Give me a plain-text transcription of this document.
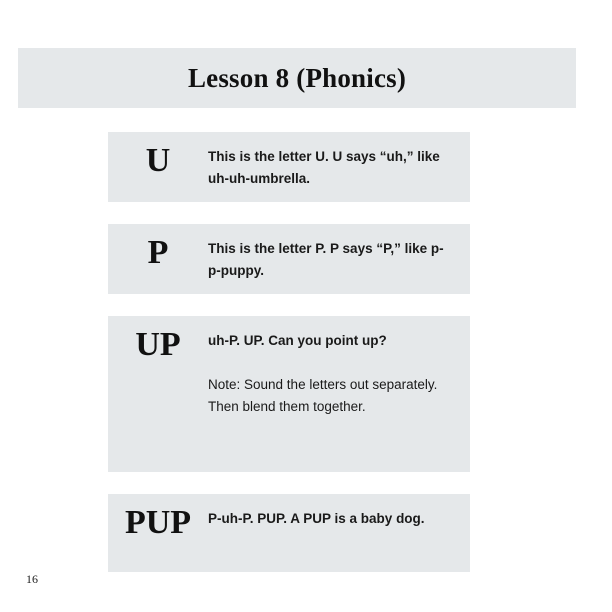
Lesson 8 (Phonics)
U	This is the letter U. U says “uh,” like uh-uh-umbrella.

P	This is the letter P. P says “P,” like p-p-puppy.

UP uh-P. UP. Can you point up?

Note: Sound the letters out separately. Then blend them together.

PUP P-uh-P. PUP. A PUP is a baby dog.

16
